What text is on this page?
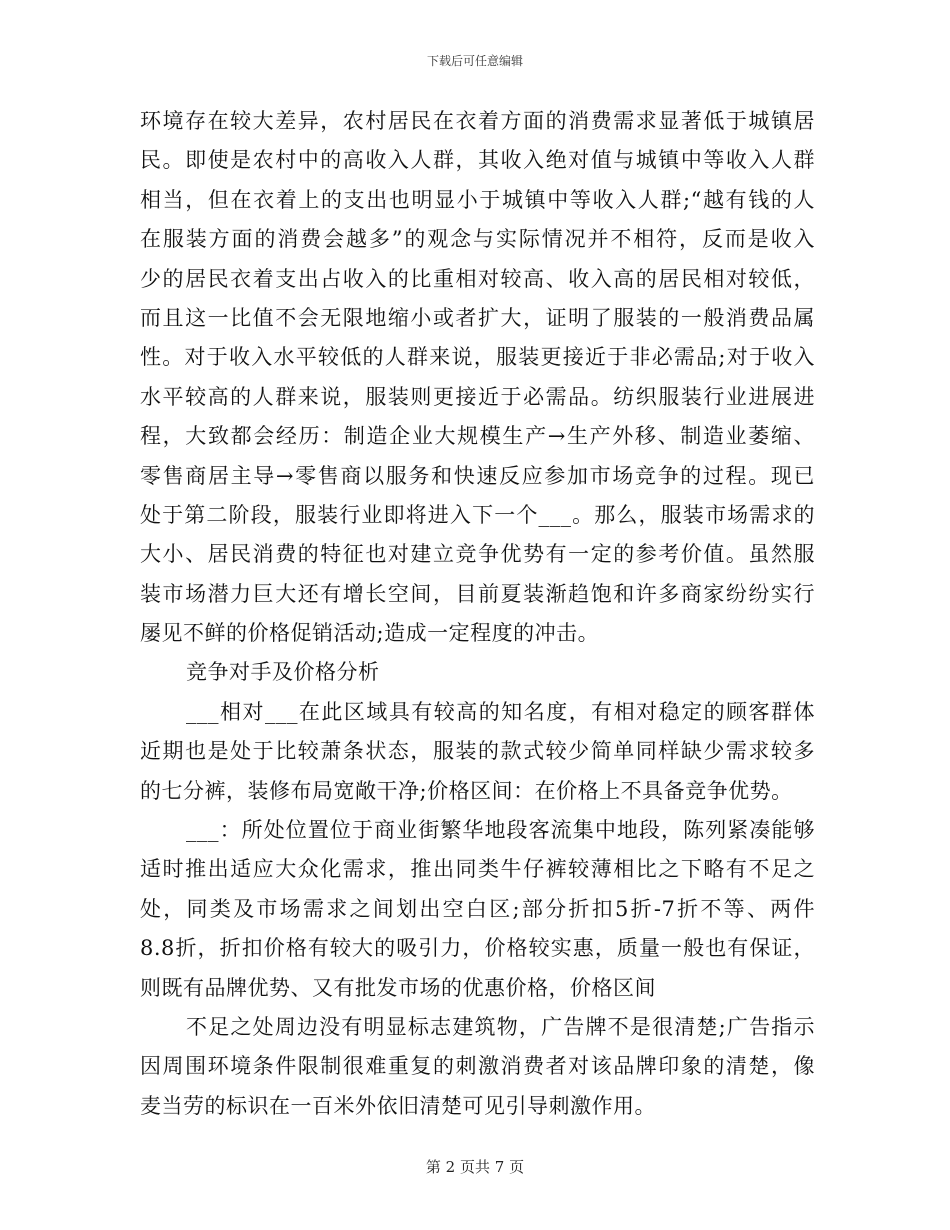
下载后可任意编辑
环境存在较大差异，农村居民在衣着方面的消费需求显著低于城镇居
民。即使是农村中的高收入人群，其收入绝对值与城镇中等收入人群
相当，但在衣着上的支出也明显小于城镇中等收入人群;“越有钱的人
在服装方面的消费会越多”的观念与实际情况并不相符，反而是收入
少的居民衣着支出占收入的比重相对较高、收入高的居民相对较低，
而且这一比值不会无限地缩小或者扩大，证明了服装的一般消费品属
性。对于收入水平较低的人群来说，服装更接近于非必需品;对于收入
水平较高的人群来说，服装则更接近于必需品。纺织服装行业进展进
程，大致都会经历：制造企业大规模生产→生产外移、制造业萎缩、
零售商居主导→零售商以服务和快速反应参加市场竞争的过程。现已
处于第二阶段，服装行业即将进入下一个___。那么，服装市场需求的
大小、居民消费的特征也对建立竞争优势有一定的参考价值。虽然服
装市场潜力巨大还有增长空间，目前夏装渐趋饱和许多商家纷纷实行
屡见不鲜的价格促销活动;造成一定程度的冲击。
竞争对手及价格分析
___相对___在此区域具有较高的知名度，有相对稳定的顾客群体
近期也是处于比较萧条状态，服装的款式较少简单同样缺少需求较多
的七分裤，装修布局宽敞干净;价格区间：在价格上不具备竞争优势。
___：所处位置位于商业街繁华地段客流集中地段，陈列紧凑能够
适时推出适应大众化需求，推出同类牛仔裤较薄相比之下略有不足之
处，同类及市场需求之间划出空白区;部分折扣5折-7折不等、两件
8.8折，折扣价格有较大的吸引力，价格较实惠，质量一般也有保证，
则既有品牌优势、又有批发市场的优惠价格，价格区间
不足之处周边没有明显标志建筑物，广告牌不是很清楚;广告指示
因周围环境条件限制很难重复的刺激消费者对该品牌印象的清楚，像
麦当劳的标识在一百米外依旧清楚可见引导刺激作用。
第 2 页共 7 页
